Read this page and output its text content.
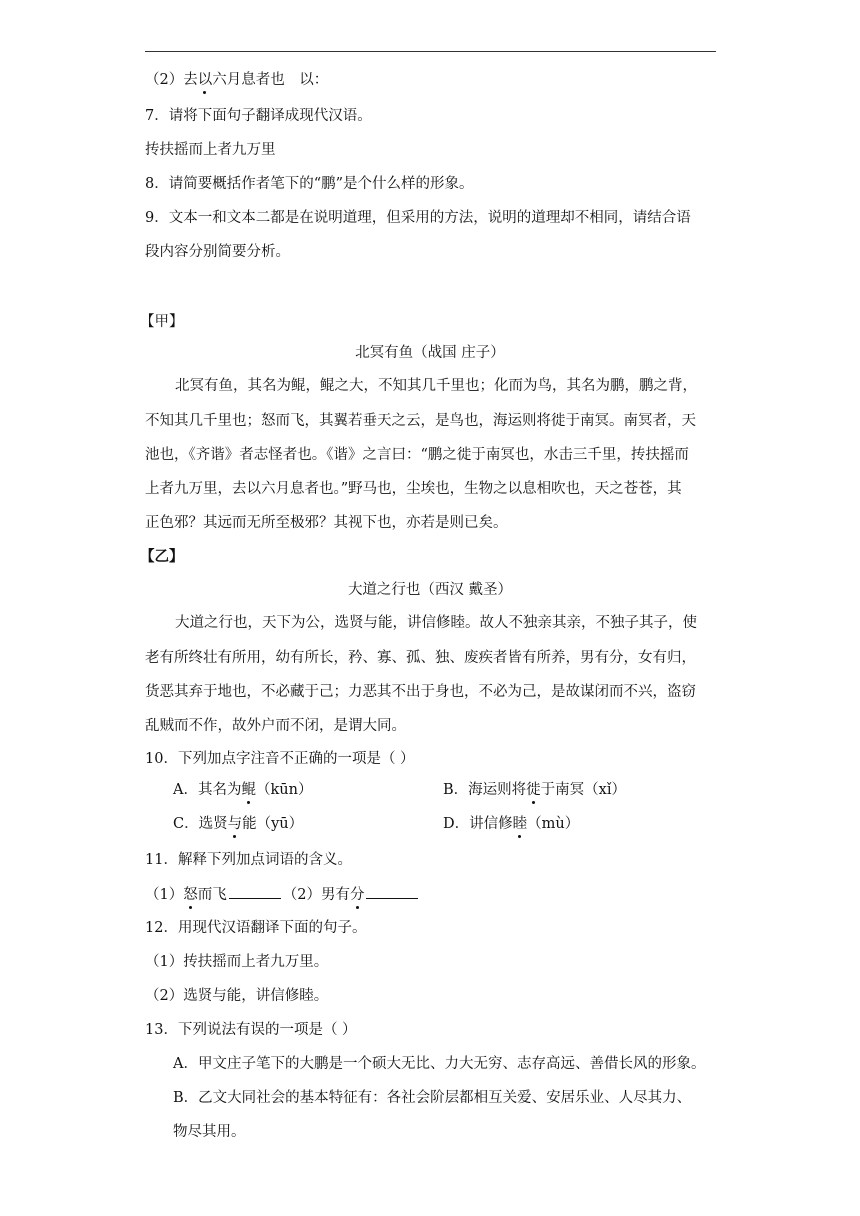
（2）去以六月息者也　以：
7．请将下面句子翻译成现代汉语。
抟扶摇而上者九万里
8．请简要概括作者笔下的“鹏”是个什么样的形象。
9．文本一和文本二都是在说明道理，但采用的方法，说明的道理却不相同，请结合语
段内容分别简要分析。
【甲】
北冥有鱼（战国 庄子）
北冥有鱼，其名为鲲，鲲之大，不知其几千里也；化而为鸟，其名为鹏，鹏之背，
不知其几千里也；怒而飞，其翼若垂天之云，是鸟也，海运则将徙于南冥。南冥者，天
池也，《齐谐》者志怪者也。《谐》之言曰：“鹏之徙于南冥也，水击三千里，抟扶摇而
上者九万里，去以六月息者也。”野马也，尘埃也，生物之以息相吹也，天之苍苍，其
正色邪？其远而无所至极邪？其视下也，亦若是则已矣。
【乙】
大道之行也（西汉 戴圣）
大道之行也，天下为公，选贤与能，讲信修睦。故人不独亲其亲，不独子其子，使
老有所终壮有所用，幼有所长，矜、寡、孤、独、废疾者皆有所养，男有分，女有归，
货恶其弃于地也，不必藏于己；力恶其不出于身也，不必为己，是故谋闭而不兴，盗窃
乱贼而不作，故外户而不闭，是谓大同。
10．下列加点字注音不正确的一项是（ ）
A．其名为鲲（kūn）	B．海运则将徙于南冥（xǐ）
C．选贤与能（yū）	D．讲信修睦（mù）
11．解释下列加点词语的含义。
（1）怒而飞	（2）男有分
12．用现代汉语翻译下面的句子。
（1）抟扶摇而上者九万里。
（2）选贤与能，讲信修睦。
13．下列说法有误的一项是（ ）
A．甲文庄子笔下的大鹏是一个硕大无比、力大无穷、志存高远、善借长风的形象。
B．乙文大同社会的基本特征有：各社会阶层都相互关爱、安居乐业、人尽其力、
物尽其用。
